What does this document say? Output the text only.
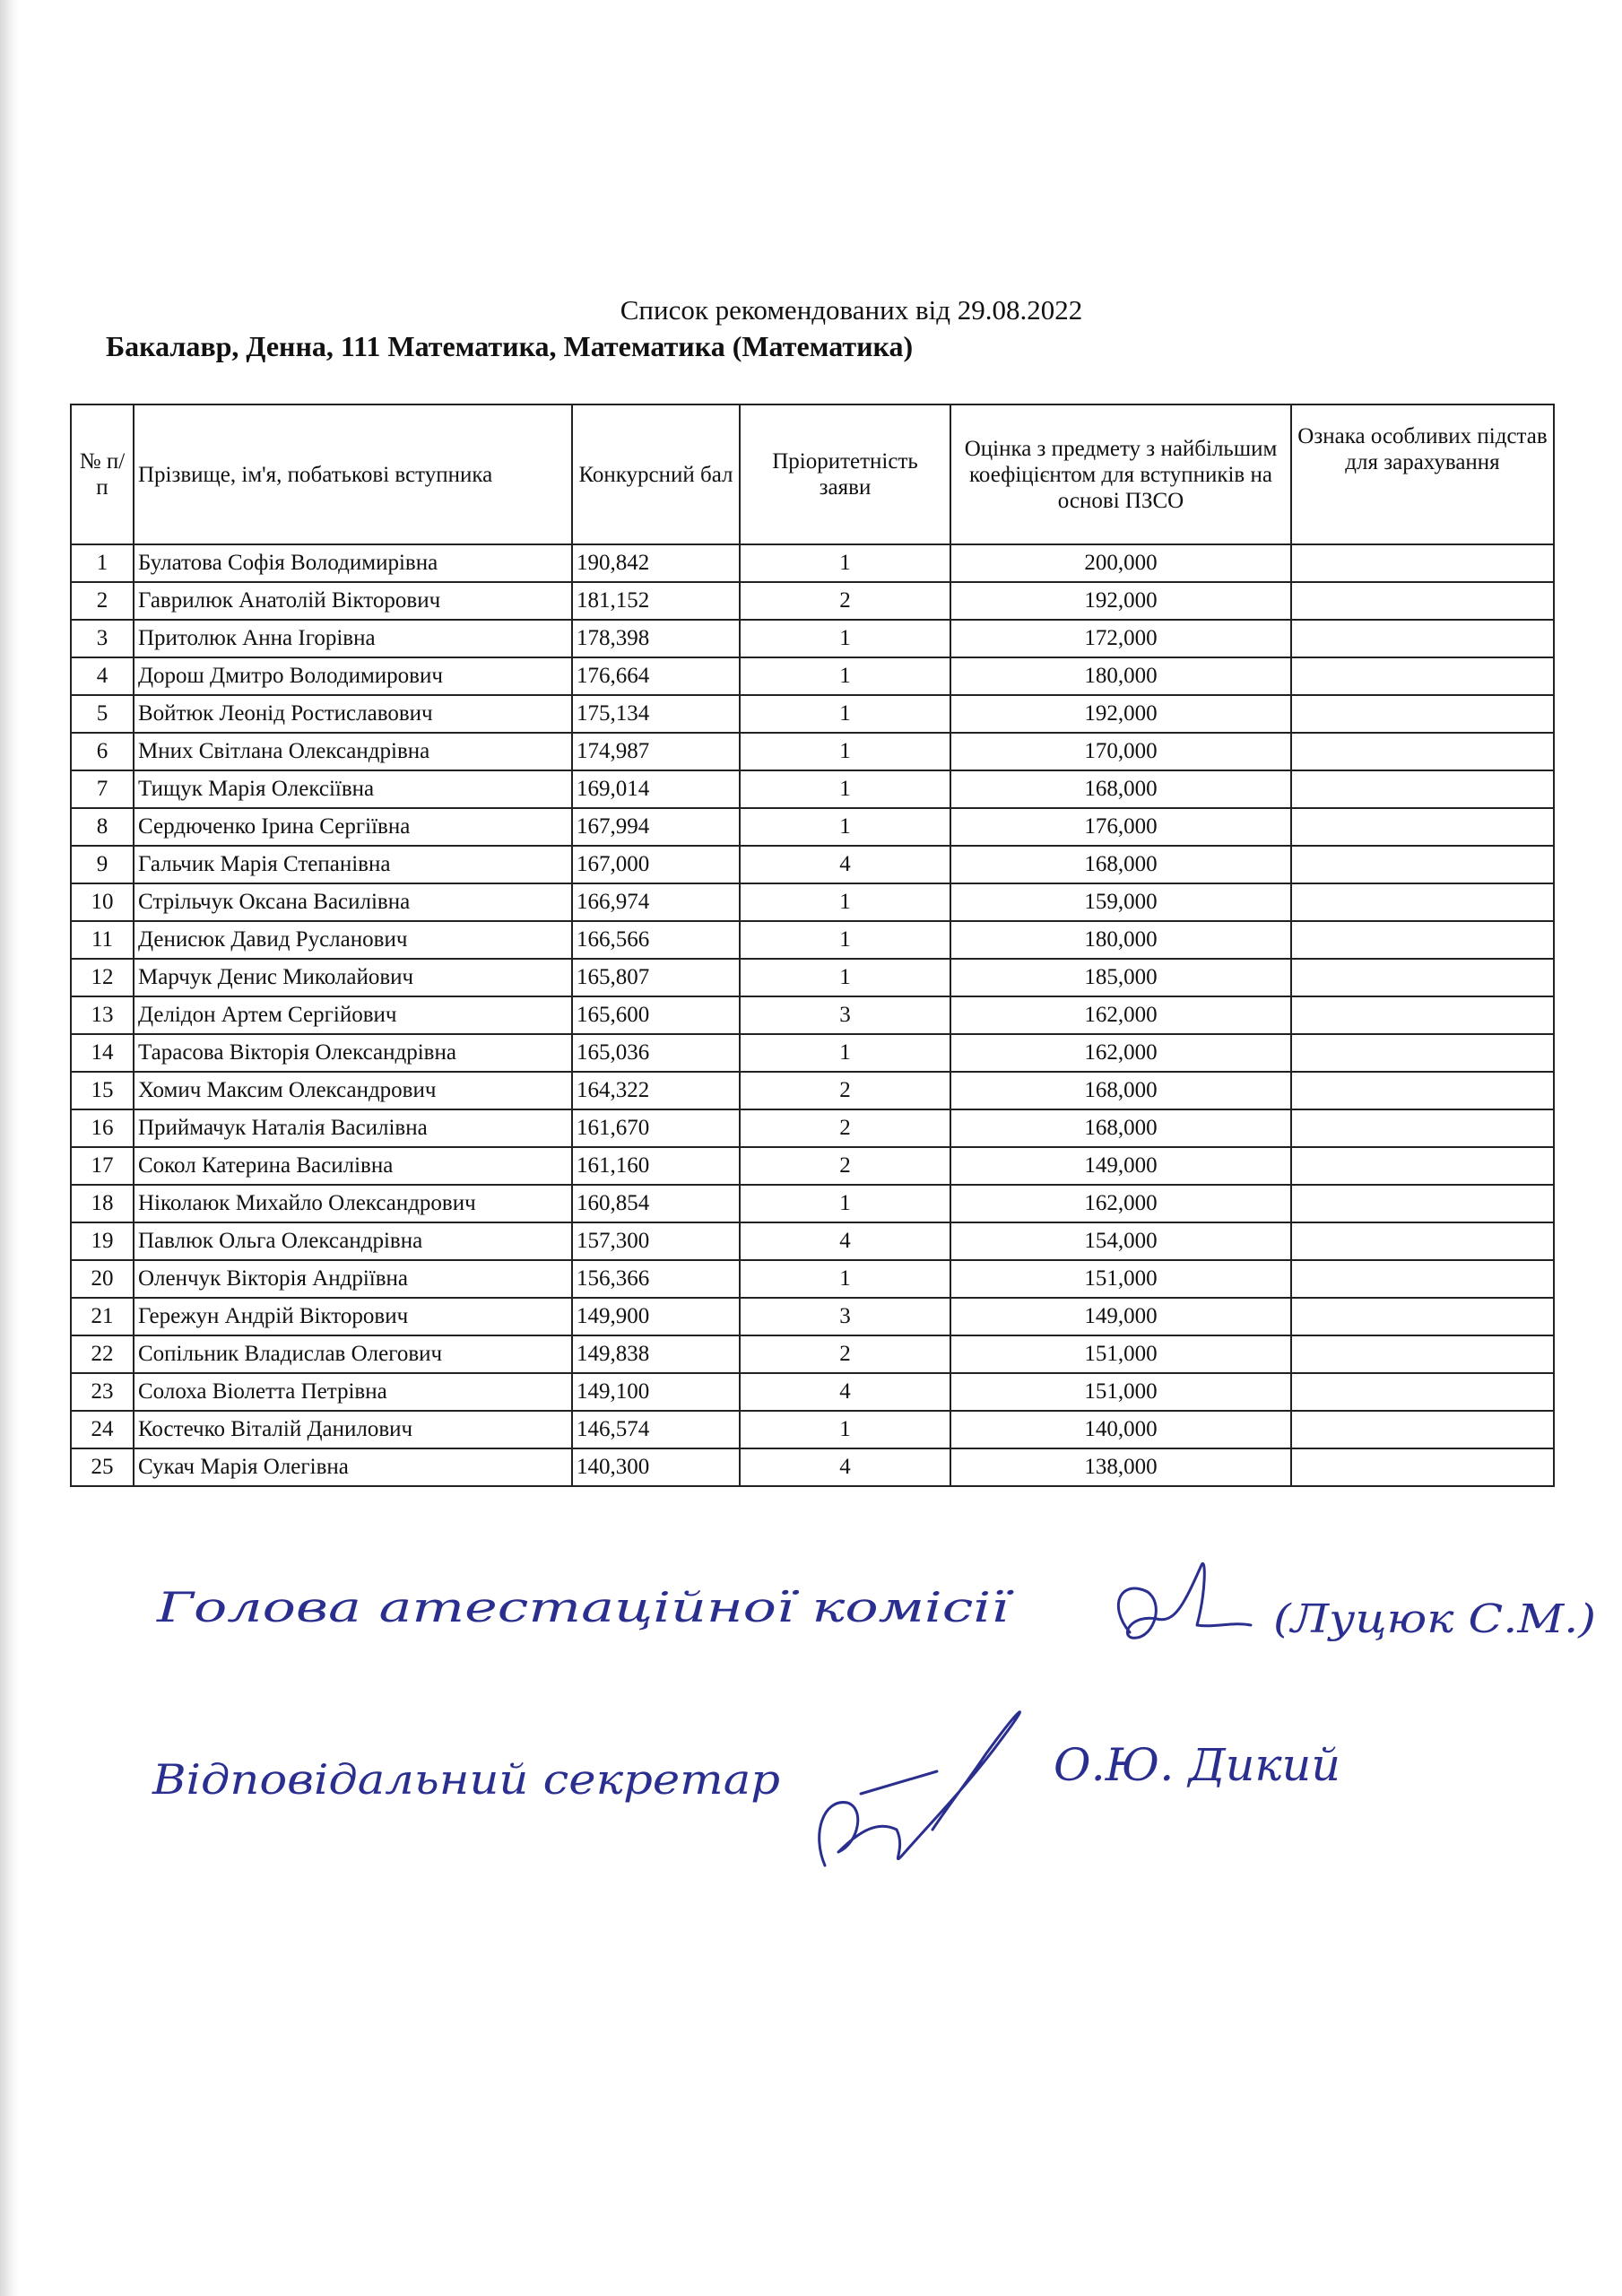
Список рекомендованих від 29.08.2022
Бакалавр, Денна, 111 Математика, Математика (Математика)
№ п/п	Прізвище, ім'я, побатькові вступника	Конкурсний бал	Пріоритетність заяви	Оцінка з предмету з найбільшим коефіцієнтом для вступників на основі ПЗСО	Ознака особливих підстав для зарахування
1	Булатова Софія Володимирівна	190,842	1	200,000	
2	Гаврилюк Анатолій Вікторович	181,152	2	192,000	
3	Притолюк Анна Ігорівна	178,398	1	172,000	
4	Дорош Дмитро Володимирович	176,664	1	180,000	
5	Войтюк Леонід Ростиславович	175,134	1	192,000	
6	Мних Світлана Олександрівна	174,987	1	170,000	
7	Тищук Марія Олексіївна	169,014	1	168,000	
8	Сердюченко Ірина Сергіївна	167,994	1	176,000	
9	Гальчик Марія Степанівна	167,000	4	168,000	
10	Стрільчук Оксана Василівна	166,974	1	159,000	
11	Денисюк Давид Русланович	166,566	1	180,000	
12	Марчук Денис Миколайович	165,807	1	185,000	
13	Делідон Артем Сергійович	165,600	3	162,000	
14	Тарасова Вікторія Олександрівна	165,036	1	162,000	
15	Хомич Максим Олександрович	164,322	2	168,000	
16	Приймачук Наталія Василівна	161,670	2	168,000	
17	Сокол Катерина Василівна	161,160	2	149,000	
18	Ніколаюк Михайло Олександрович	160,854	1	162,000	
19	Павлюк Ольга Олександрівна	157,300	4	154,000	
20	Оленчук Вікторія Андріївна	156,366	1	151,000	
21	Гережун Андрій Вікторович	149,900	3	149,000	
22	Сопільник Владислав Олегович	149,838	2	151,000	
23	Солоха Віолетта Петрівна	149,100	4	151,000	
24	Костечко Віталій Данилович	146,574	1	140,000	
25	Сукач Марія Олегівна	140,300	4	138,000	
Голова атестаційної комісії	(Луцюк С.М.)
Відповідальний секретар	О.Ю. Дикий
